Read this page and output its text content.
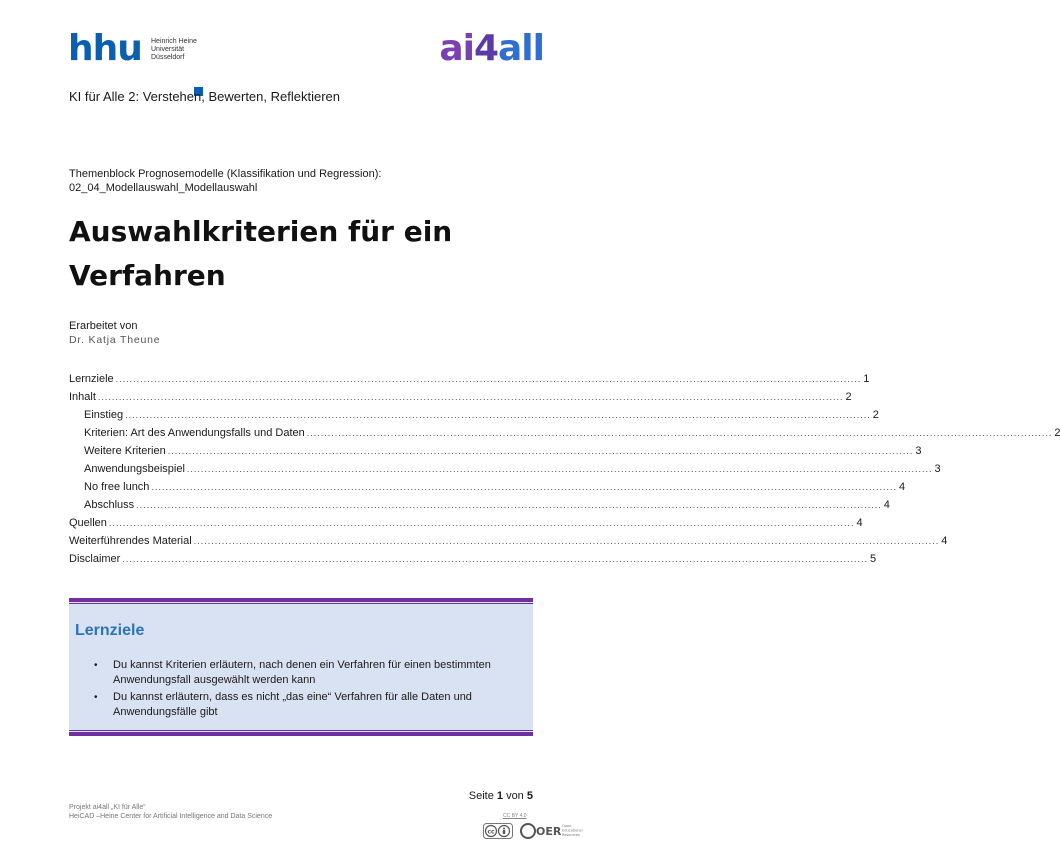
hhu Heinrich Heine
Universität
Düsseldorf	ai4all
KI für Alle 2: Verstehen, Bewerten, Reflektieren
Themenblock Prognosemodelle (Klassifikation und Regression):
02_04_Modellauswahl_Modellauswahl
Auswahlkriterien für ein Verfahren
Erarbeitet von
Dr. Katja Theune
Lernziele .....	1
Inhalt .....	2
Einstieg .....	2
Kriterien: Art des Anwendungsfalls und Daten .....	2
Weitere Kriterien .....	3
Anwendungsbeispiel .....	3
No free lunch .....	4
Abschluss .....	4
Quellen .....	4
Weiterführendes Material .....	4
Disclaimer .....	5
Lernziele
• Du kannst Kriterien erläutern, nach denen ein Verfahren für einen bestimmten Anwendungsfall ausgewählt werden kann
• Du kannst erläutern, dass es nicht „das eine“ Verfahren für alle Daten und Anwendungsfälle gibt
Seite 1 von 5
Projekt ai4all „KI für Alle“
HeiCAD –Heine Center for Artificial Intelligence and Data Science	CC BY 4.0
cc	OER Open
Educational
Resources
